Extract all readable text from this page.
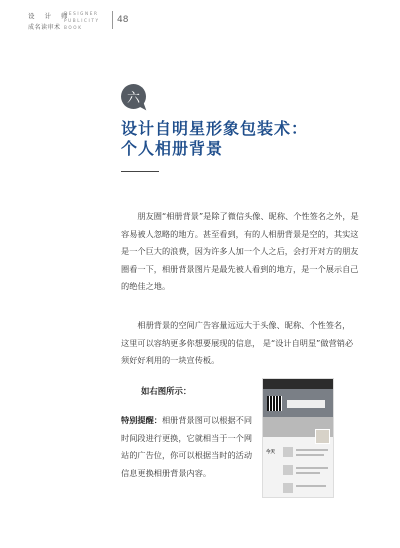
设 计 师
成名读审术
DESIGNER PUBLICITY BOOK
48
六
设计自明星形象包装术：
个人相册背景
朋友圈“相册背景”是除了微信头像、昵称、个性签名之外，是容易被人忽略的地方。甚至看到，有的人相册背景是空的，其实这是一个巨大的浪费，因为许多人加一个人之后，会打开对方的朋友圈看一下，相册背景图片是最先被人看到的地方，是一个展示自己的绝佳之地。
相册背景的空间广告容量远远大于头像、昵称、个性签名， 这里可以容纳更多你想要展现的信息， 是“设计自明星”做营销必须好好利用的一块宣传板。
如右图所示：
特别提醒：相册背景图可以根据不同时间段进行更换，它就相当于一个网站的广告位，你可以根据当时的活动信息更换相册背景内容。
今天
